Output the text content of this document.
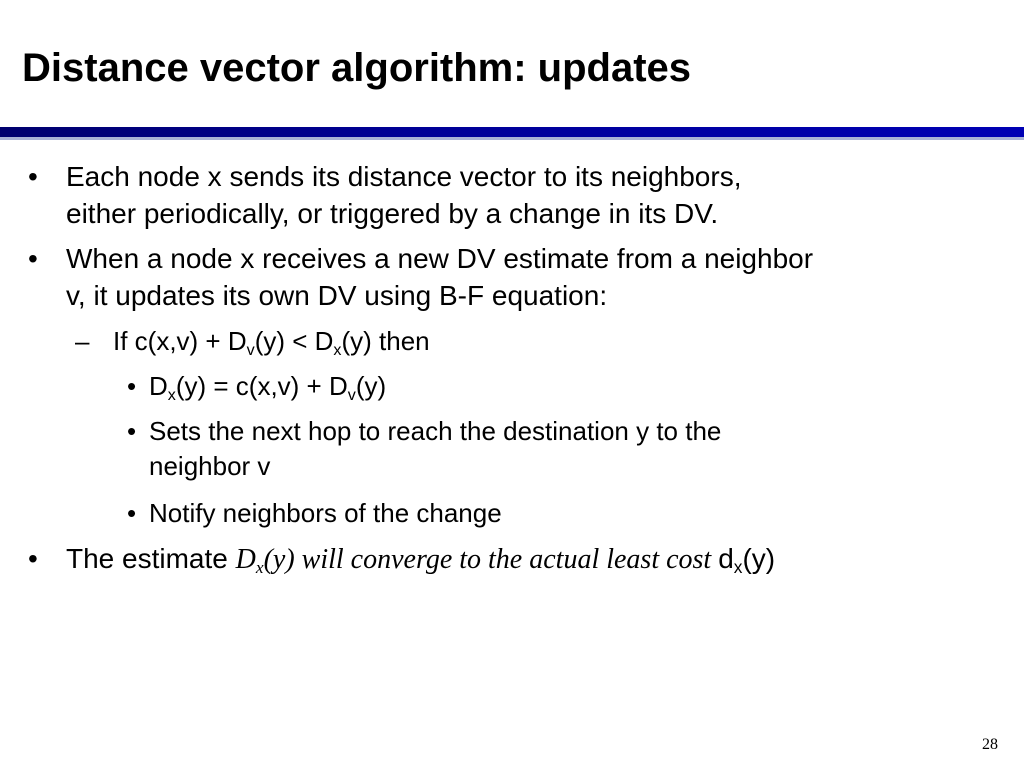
Distance vector algorithm: updates

• Each node x sends its distance vector to its neighbors,
either periodically, or triggered by a change in its DV.

• When a node x receives a new DV estimate from a neighbor
v, it updates its own DV using B-F equation:

– If $c(x,v) + D_v(y) < D_x(y)$ then

• $D_x(y) = c(x,v) + D_v(y)$

• Sets the next hop to reach the destination y to the
neighbor v

• Notify neighbors of the change

• The estimate $D_x(y)$ will converge to the actual least cost $d_x(y)$

28
